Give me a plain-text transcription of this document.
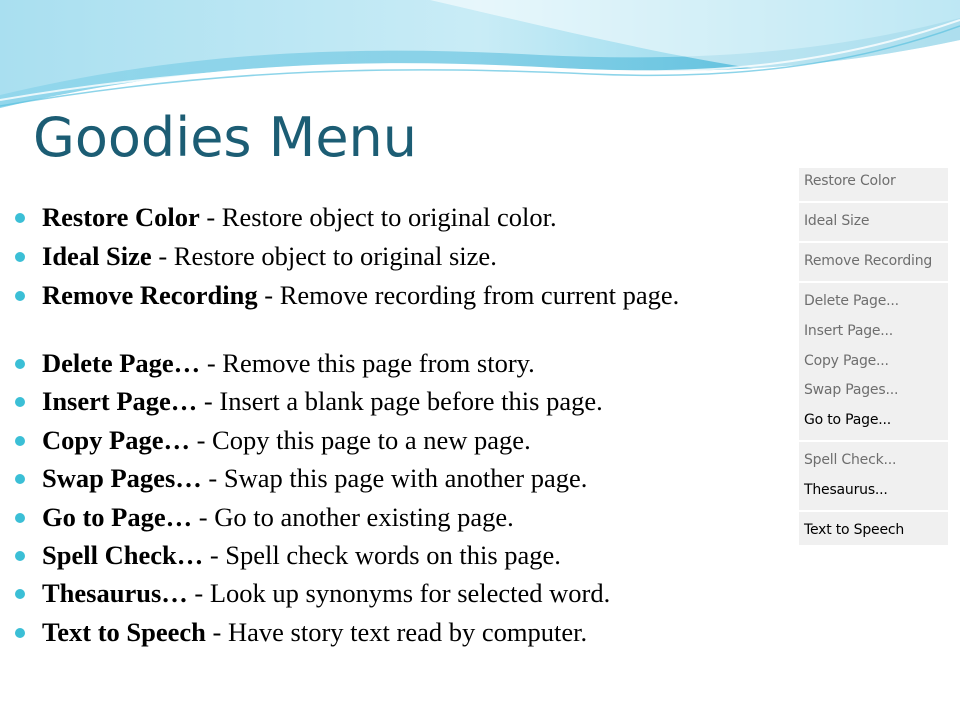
Goodies Menu
Restore Color - Restore object to original color.
Ideal Size - Restore object to original size.
Remove Recording - Remove recording from current page.
Delete Page… - Remove this page from story.
Insert Page… - Insert a blank page before this page.
Copy Page… - Copy this page to a new page.
Swap Pages… - Swap this page with another page.
Go to Page… - Go to another existing page.
Spell Check… - Spell check words on this page.
Thesaurus… - Look up synonyms for selected word.
Text to Speech - Have story text read by computer.
Restore Color
Ideal Size
Remove Recording
Delete Page...
Insert Page...
Copy Page...
Swap Pages...
Go to Page...
Spell Check...
Thesaurus...
Text to Speech
